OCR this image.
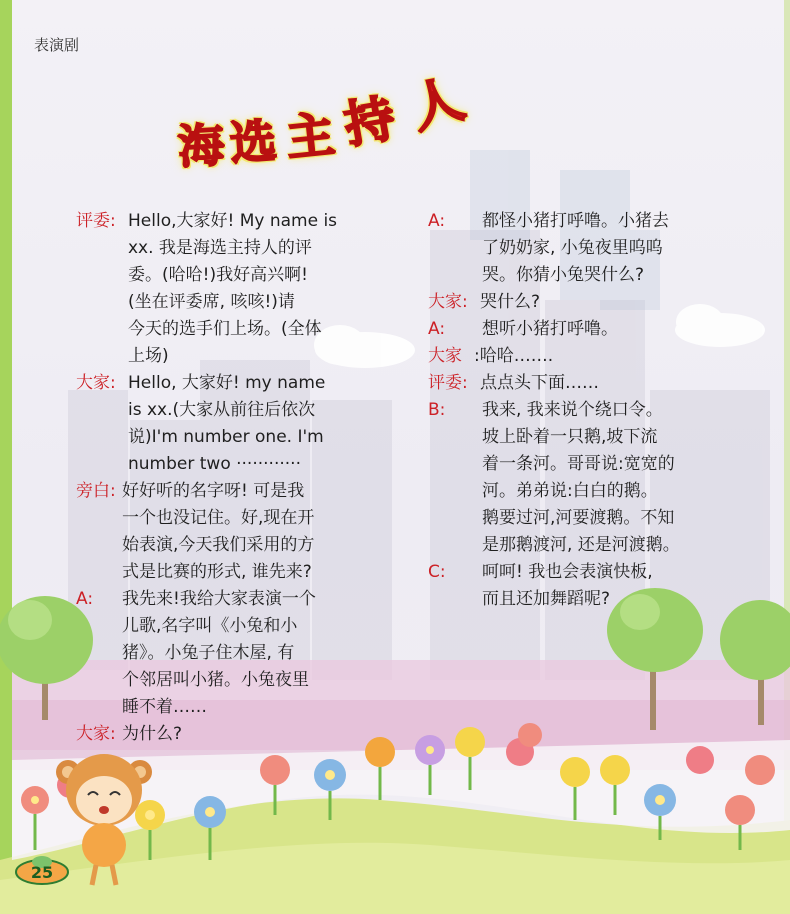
表演剧
海 选 主 持 人
评委: Hello,大家好! My name is
xx. 我是海选主持人的评
委。(哈哈!)我好高兴啊!
(坐在评委席, 咳咳!)请
今天的选手们上场。(全体
上场)
大家: Hello, 大家好! my name
is xx.(大家从前往后依次
说)I'm number one. I'm
number two ············
旁白: 好好听的名字呀! 可是我
一个也没记住。好,现在开
始表演,今天我们采用的方
式是比赛的形式, 谁先来?
A: 我先来!我给大家表演一个
儿歌,名字叫《小兔和小
猪》。小兔子住木屋, 有
个邻居叫小猪。小兔夜里
睡不着……
大家: 为什么?
A: 都怪小猪打呼噜。小猪去
了奶奶家, 小兔夜里呜呜
哭。你猜小兔哭什么?
大家: 哭什么?
A: 想听小猪打呼噜。
大家 :哈哈…….
评委: 点点头下面……
B: 我来, 我来说个绕口令。
坡上卧着一只鹅,坡下流
着一条河。哥哥说:宽宽的
河。弟弟说:白白的鹅。
鹅要过河,河要渡鹅。不知
是那鹅渡河, 还是河渡鹅。
C: 呵呵! 我也会表演快板,
而且还加舞蹈呢?
25
